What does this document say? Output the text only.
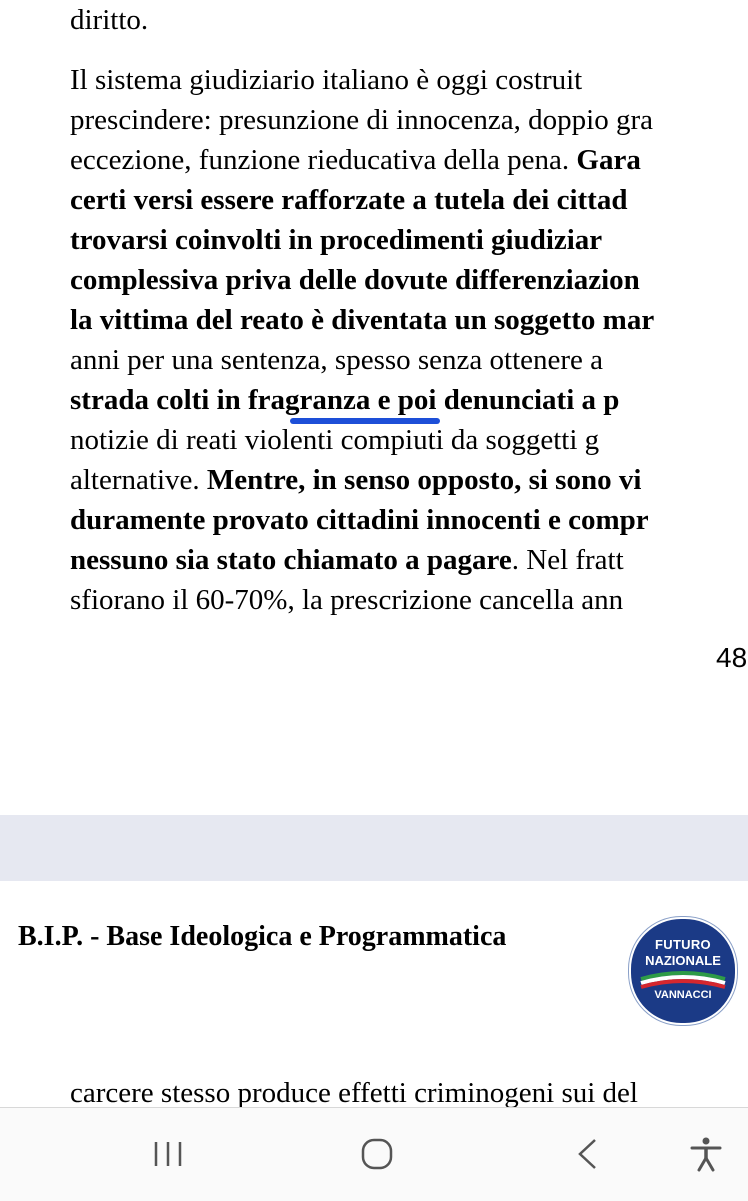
diritto.
Il sistema giudiziario italiano è oggi costruit
prescindere: presunzione di innocenza, doppio gra
eccezione, funzione rieducativa della pena. Gara
certi versi essere rafforzate a tutela dei cittad
trovarsi coinvolti in procedimenti giudiziar
complessiva priva delle dovute differenziazion
la vittima del reato è diventata un soggetto mar
anni per una sentenza, spesso senza ottenere a
strada colti in fragranza e poi denunciati a p
notizie di reati violenti compiuti da soggetti g
alternative. Mentre, in senso opposto, si sono vi
duramente provato cittadini innocenti e compr
nessuno sia stato chiamato a pagare. Nel fratt
sfiorano il 60-70%, la prescrizione cancella ann
48
B.I.P. - Base Ideologica e Programmatica	FUTURO
NAZIONALE
VANNACCI
carcere stesso produce effetti criminogeni sui del
